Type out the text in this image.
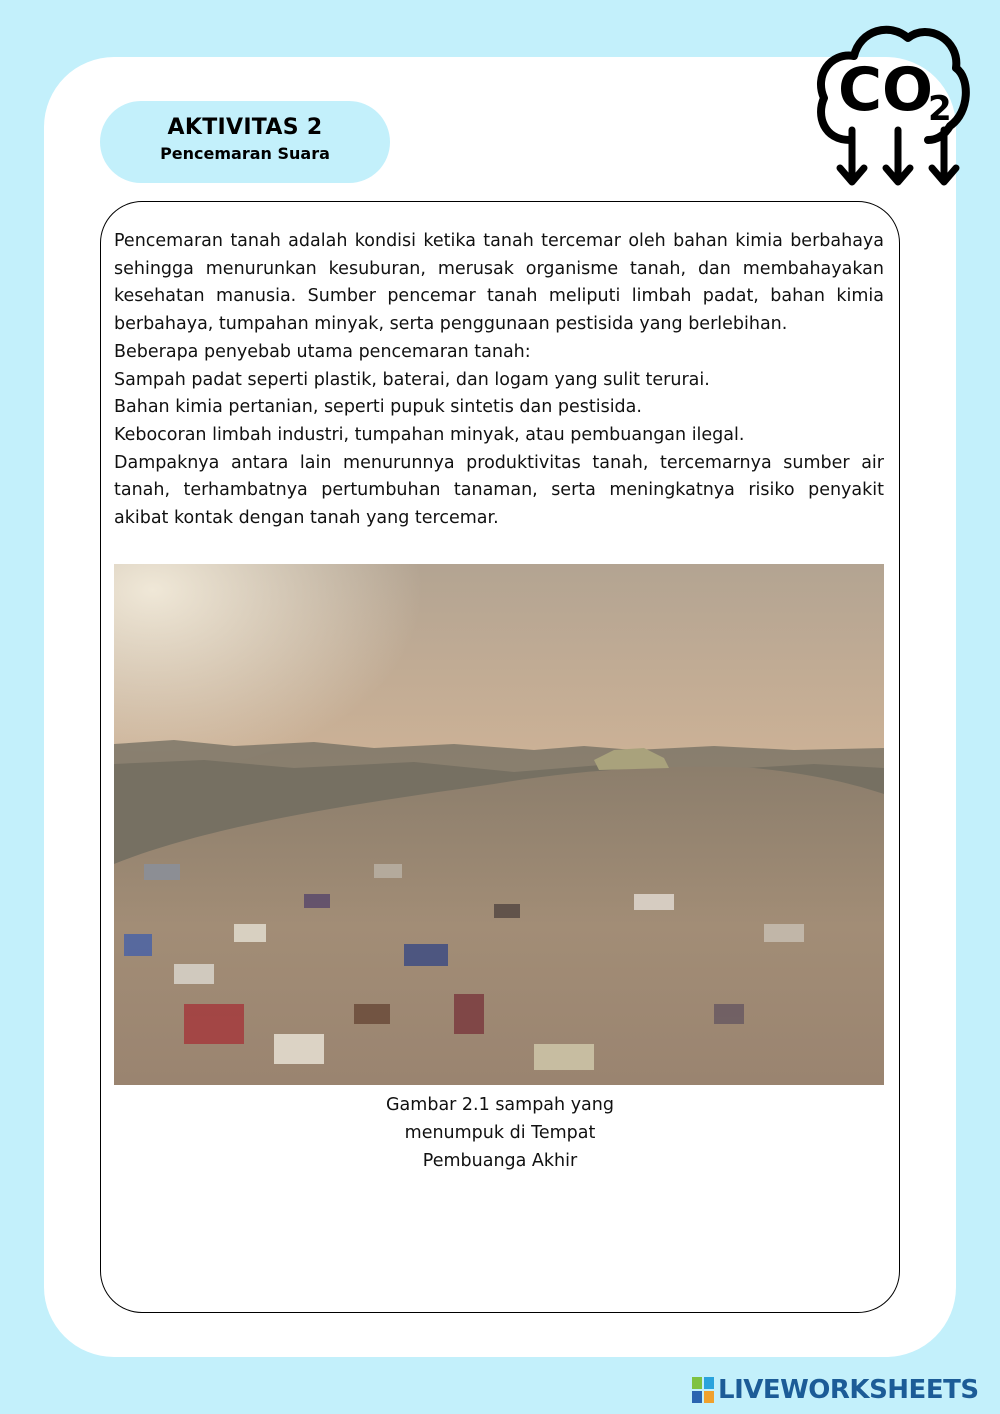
AKTIVITAS 2
Pencemaran Suara
CO
2

Pencemaran tanah adalah kondisi ketika tanah tercemar oleh bahan kimia berbahaya sehingga menurunkan kesuburan, merusak organisme tanah, dan membahayakan kesehatan manusia. Sumber pencemar tanah meliputi limbah padat, bahan kimia berbahaya, tumpahan minyak, serta penggunaan pestisida yang berlebihan.

Beberapa penyebab utama pencemaran tanah:

Sampah padat seperti plastik, baterai, dan logam yang sulit terurai.

Bahan kimia pertanian, seperti pupuk sintetis dan pestisida.

Kebocoran limbah industri, tumpahan minyak, atau pembuangan ilegal.

Dampaknya antara lain menurunnya produktivitas tanah, tercemarnya sumber air tanah, terhambatnya pertumbuhan tanaman, serta meningkatnya risiko penyakit akibat kontak dengan tanah yang tercemar.

Gambar 2.1 sampah yang
menumpuk di Tempat
Pembuanga Akhir
LIVEWORKSHEETS
